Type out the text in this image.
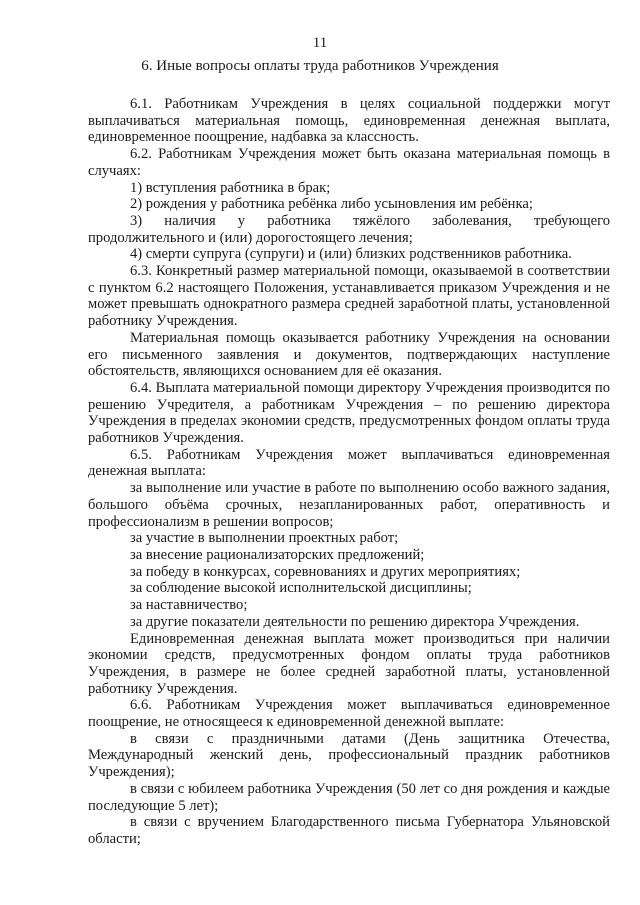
11
6. Иные вопросы оплаты труда работников Учреждения

6.1. Работникам Учреждения в целях социальной поддержки могут выплачиваться материальная помощь, единовременная денежная выплата, единовременное поощрение, надбавка за классность.

6.2. Работникам Учреждения может быть оказана материальная помощь в случаях:

1) вступления работника в брак;

2) рождения у работника ребёнка либо усыновления им ребёнка;

3) наличия у работника тяжёлого заболевания, требующего продолжительного и (или) дорогостоящего лечения;

4) смерти супруга (супруги) и (или) близких родственников работника.

6.3. Конкретный размер материальной помощи, оказываемой в соответствии с пунктом 6.2 настоящего Положения, устанавливается приказом Учреждения и не может превышать однократного размера средней заработной платы, установленной работнику Учреждения.

Материальная помощь оказывается работнику Учреждения на основании его письменного заявления и документов, подтверждающих наступление обстоятельств, являющихся основанием для её оказания.

6.4. Выплата материальной помощи директору Учреждения производится по решению Учредителя, а работникам Учреждения – по решению директора Учреждения в пределах экономии средств, предусмотренных фондом оплаты труда работников Учреждения.

6.5. Работникам Учреждения может выплачиваться единовременная денежная выплата:

за выполнение или участие в работе по выполнению особо важного задания, большого объёма срочных, незапланированных работ, оперативность и профессионализм в решении вопросов;

за участие в выполнении проектных работ;

за внесение рационализаторских предложений;

за победу в конкурсах, соревнованиях и других мероприятиях;

за соблюдение высокой исполнительской дисциплины;

за наставничество;

за другие показатели деятельности по решению директора Учреждения.

Единовременная денежная выплата может производиться при наличии экономии средств, предусмотренных фондом оплаты труда работников Учреждения, в размере не более средней заработной платы, установленной работнику Учреждения.

6.6. Работникам Учреждения может выплачиваться единовременное поощрение, не относящееся к единовременной денежной выплате:

в связи с праздничными датами (День защитника Отечества, Международный женский день, профессиональный праздник работников Учреждения);

в связи с юбилеем работника Учреждения (50 лет со дня рождения и каждые последующие 5 лет);

в связи с вручением Благодарственного письма Губернатора Ульяновской области;
